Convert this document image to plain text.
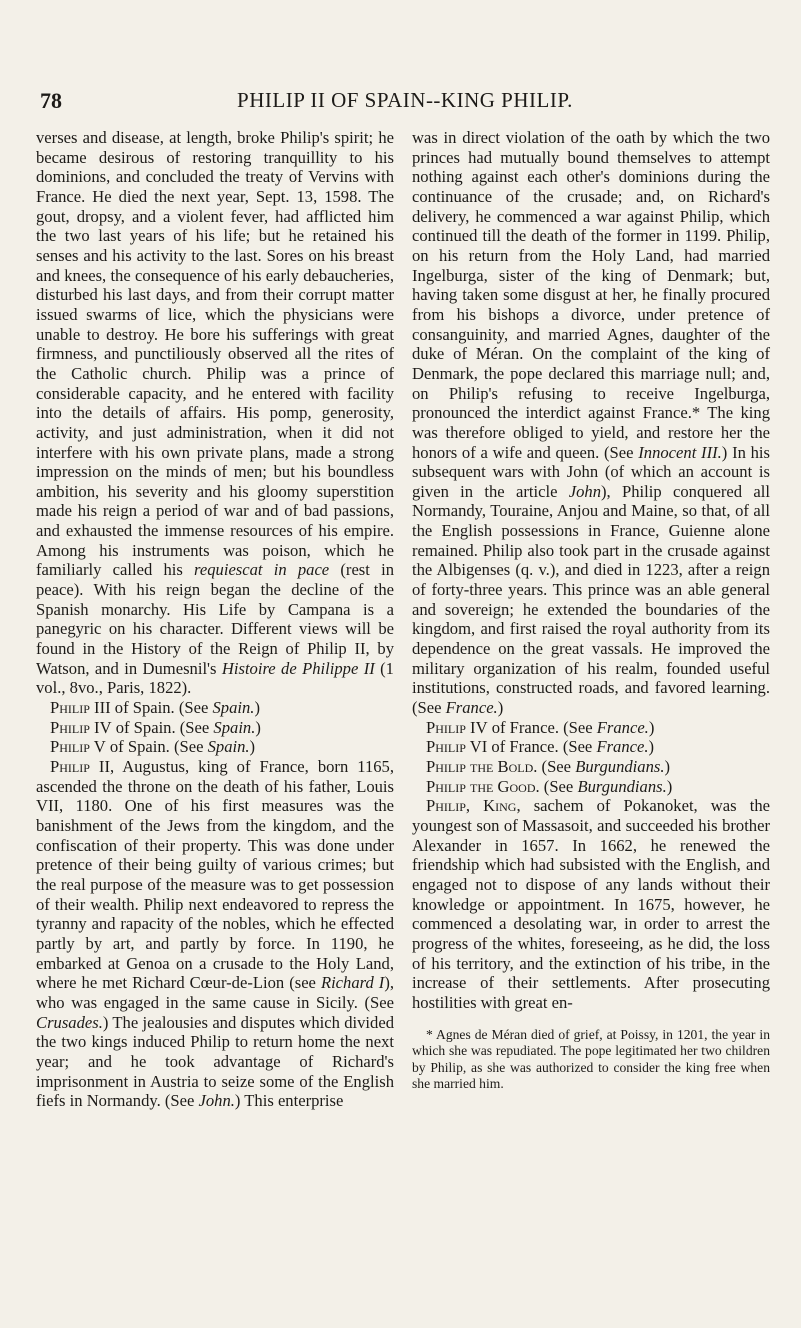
78	PHILIP II OF SPAIN--KING PHILIP.

verses and disease, at length, broke Philip's spirit; he became desirous of restoring tranquillity to his dominions, and concluded the treaty of Vervins with France. He died the next year, Sept. 13, 1598. The gout, dropsy, and a violent fever, had afflicted him the two last years of his life; but he retained his senses and his activity to the last. Sores on his breast and knees, the consequence of his early debaucheries, disturbed his last days, and from their corrupt matter issued swarms of lice, which the physicians were unable to destroy. He bore his sufferings with great firmness, and punctiliously observed all the rites of the Catholic church. Philip was a prince of considerable capacity, and he entered with facility into the details of affairs. His pomp, generosity, activity, and just administration, when it did not interfere with his own private plans, made a strong impression on the minds of men; but his boundless ambition, his severity and his gloomy superstition made his reign a period of war and of bad passions, and exhausted the immense resources of his empire. Among his instruments was poison, which he familiarly called his requiescat in pace (rest in peace). With his reign began the decline of the Spanish monarchy. His Life by Campana is a panegyric on his character. Different views will be found in the History of the Reign of Philip II, by Watson, and in Dumesnil's Histoire de Philippe II (1 vol., 8vo., Paris, 1822).

Philip III of Spain. (See Spain.)

Philip IV of Spain. (See Spain.)

Philip V of Spain. (See Spain.)

Philip II, Augustus, king of France, born 1165, ascended the throne on the death of his father, Louis VII, 1180. One of his first measures was the banishment of the Jews from the kingdom, and the confiscation of their property. This was done under pretence of their being guilty of various crimes; but the real purpose of the measure was to get possession of their wealth. Philip next endeavored to repress the tyranny and rapacity of the nobles, which he effected partly by art, and partly by force. In 1190, he embarked at Genoa on a crusade to the Holy Land, where he met Richard Cœur-de-Lion (see Richard I), who was engaged in the same cause in Sicily. (See Crusades.) The jealousies and disputes which divided the two kings induced Philip to return home the next year; and he took advantage of Richard's imprisonment in Austria to seize some of the English fiefs in Normandy. (See John.) This enterprise

was in direct violation of the oath by which the two princes had mutually bound themselves to attempt nothing against each other's dominions during the continuance of the crusade; and, on Richard's delivery, he commenced a war against Philip, which continued till the death of the former in 1199. Philip, on his return from the Holy Land, had married Ingelburga, sister of the king of Denmark; but, having taken some disgust at her, he finally procured from his bishops a divorce, under pretence of consanguinity, and married Agnes, daughter of the duke of Méran. On the complaint of the king of Denmark, the pope declared this marriage null; and, on Philip's refusing to receive Ingelburga, pronounced the interdict against France.* The king was therefore obliged to yield, and restore her the honors of a wife and queen. (See Innocent III.) In his subsequent wars with John (of which an account is given in the article John), Philip conquered all Normandy, Touraine, Anjou and Maine, so that, of all the English possessions in France, Guienne alone remained. Philip also took part in the crusade against the Albigenses (q. v.), and died in 1223, after a reign of forty-three years. This prince was an able general and sovereign; he extended the boundaries of the kingdom, and first raised the royal authority from its dependence on the great vassals. He improved the military organization of his realm, founded useful institutions, constructed roads, and favored learning. (See France.)

Philip IV of France. (See France.)

Philip VI of France. (See France.)

Philip the Bold. (See Burgundians.)

Philip the Good. (See Burgundians.)

Philip, King, sachem of Pokanoket, was the youngest son of Massasoit, and succeeded his brother Alexander in 1657. In 1662, he renewed the friendship which had subsisted with the English, and engaged not to dispose of any lands without their knowledge or appointment. In 1675, however, he commenced a desolating war, in order to arrest the progress of the whites, foreseeing, as he did, the loss of his territory, and the extinction of his tribe, in the increase of their settlements. After prosecuting hostilities with great en-

* Agnes de Méran died of grief, at Poissy, in 1201, the year in which she was repudiated. The pope legitimated her two children by Philip, as she was authorized to consider the king free when she married him.
